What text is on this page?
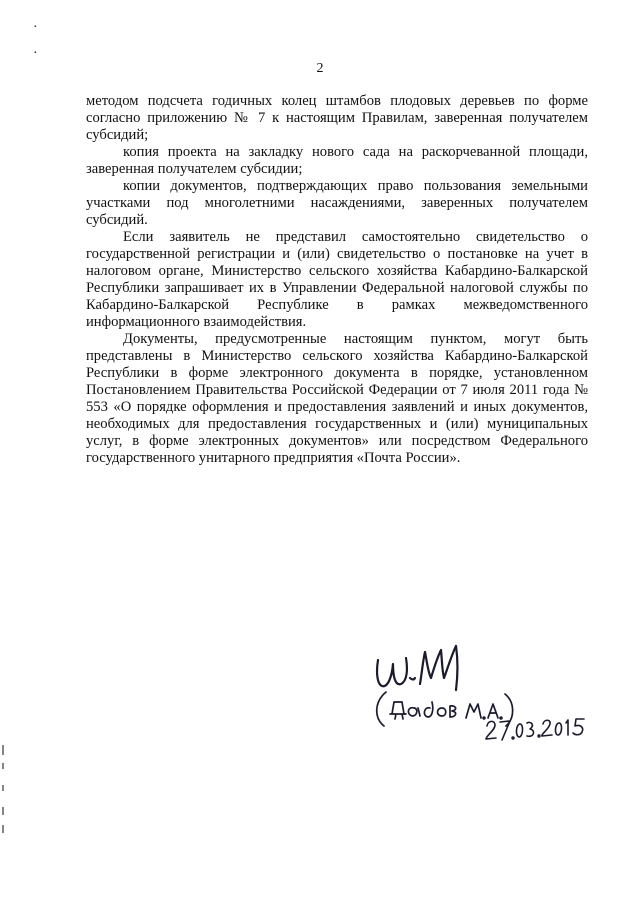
·
·
2

методом подсчета годичных колец штамбов плодовых деревьев по форме согласно приложению № 7 к настоящим Правилам, заверенная получателем субсидий;

копия проекта на закладку нового сада на раскорчеванной площади, заверенная получателем субсидии;

копии документов, подтверждающих право пользования земельными участками под многолетними насаждениями, заверенных получателем субсидий.

Если заявитель не представил самостоятельно свидетельство о государственной регистрации и (или) свидетельство о постановке на учет в налоговом органе, Министерство сельского хозяйства Кабардино-Балкарской Республики запрашивает их в Управлении Федеральной налоговой службы по Кабардино-Балкарской Республике в рамках межведомственного информационного взаимодействия.

Документы, предусмотренные настоящим пунктом, могут быть представлены в Министерство сельского хозяйства Кабардино-Балкарской Республики в форме электронного документа в порядке, установленном Постановлением Правительства Российской Федерации от 7 июля 2011 года № 553 «О порядке оформления и предоставления заявлений и иных документов, необходимых для предоставления государственных и (или) муниципальных услуг, в форме электронных документов» или посредством Федерального государственного унитарного предприятия «Почта России».
